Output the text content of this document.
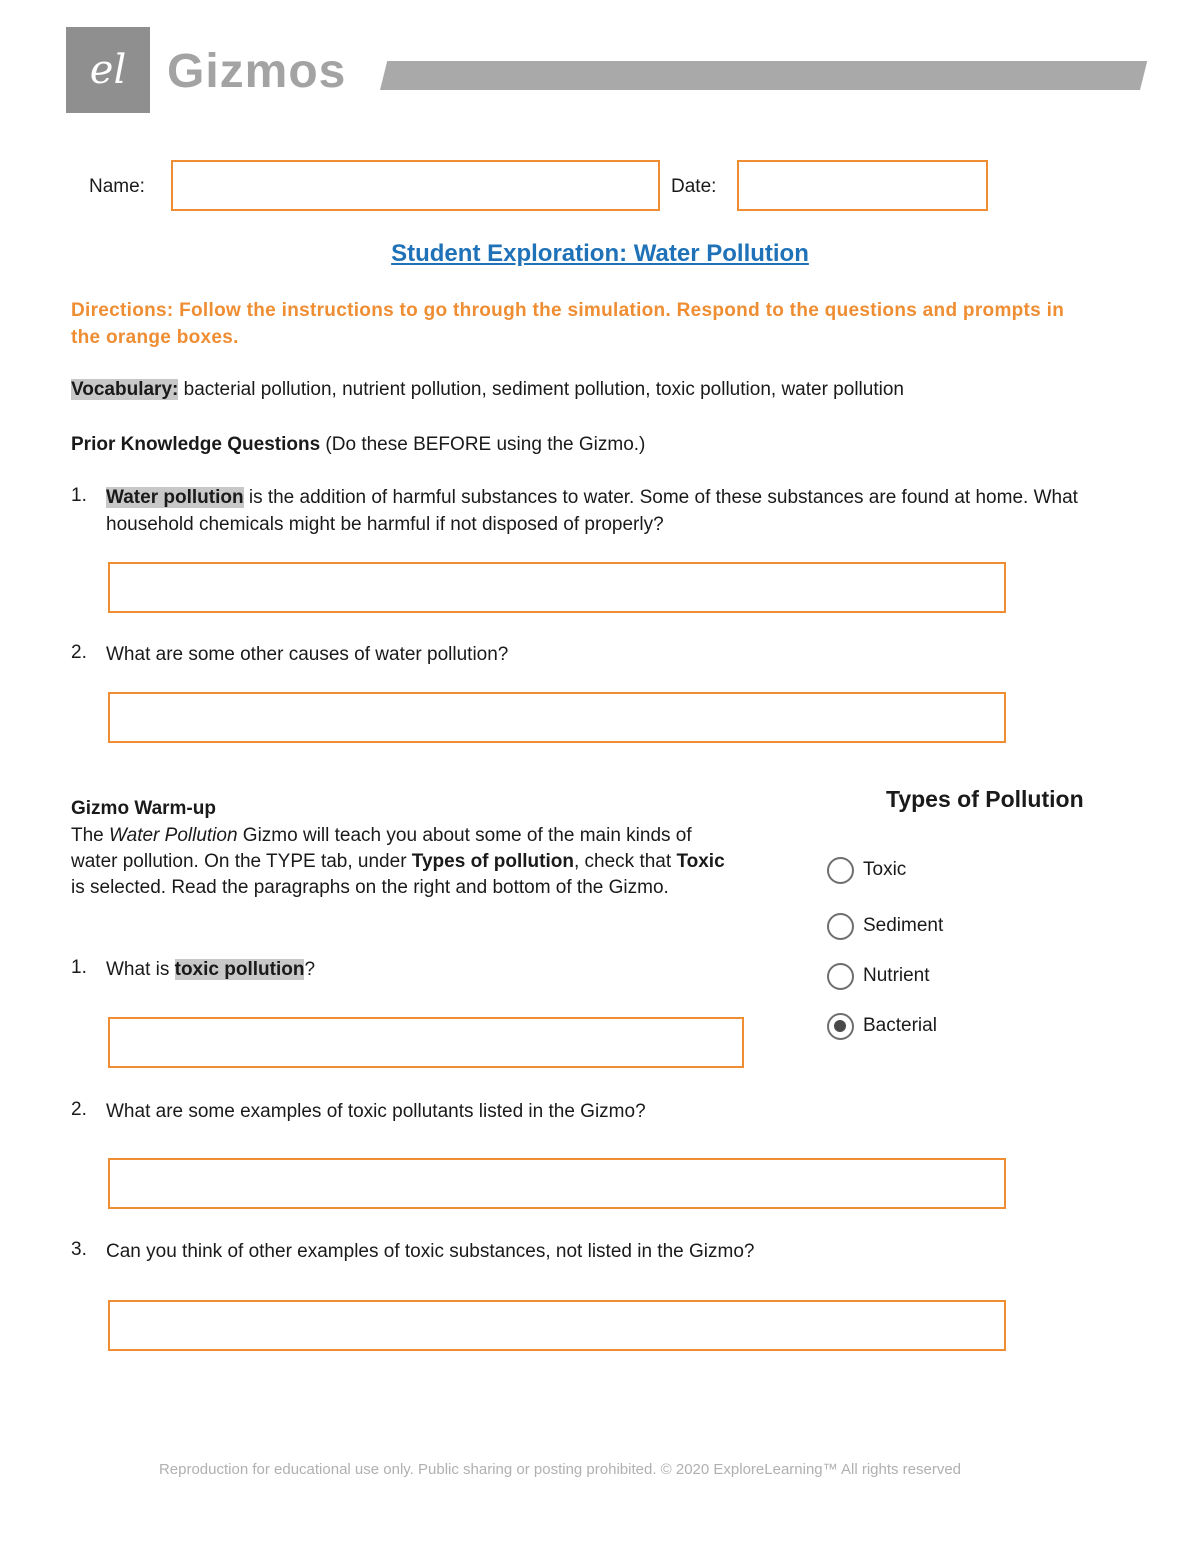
el Gizmos
Name:	Date:
Student Exploration: Water Pollution
Directions: Follow the instructions to go through the simulation. Respond to the questions and prompts in the orange boxes.
Vocabulary: bacterial pollution, nutrient pollution, sediment pollution, toxic pollution, water pollution
Prior Knowledge Questions (Do these BEFORE using the Gizmo.)
1. Water pollution is the addition of harmful substances to water. Some of these substances are found at home. What household chemicals might be harmful if not disposed of properly?
2. What are some other causes of water pollution?
Gizmo Warm-up
The Water Pollution Gizmo will teach you about some of the main kinds of water pollution. On the TYPE tab, under Types of pollution, check that Toxic is selected. Read the paragraphs on the right and bottom of the Gizmo.
1. What is toxic pollution?
2. What are some examples of toxic pollutants listed in the Gizmo?
3. Can you think of other examples of toxic substances, not listed in the Gizmo?
Types of Pollution
Toxic
Sediment
Nutrient
Bacterial
Reproduction for educational use only. Public sharing or posting prohibited. © 2020 ExploreLearning™ All rights reserved
